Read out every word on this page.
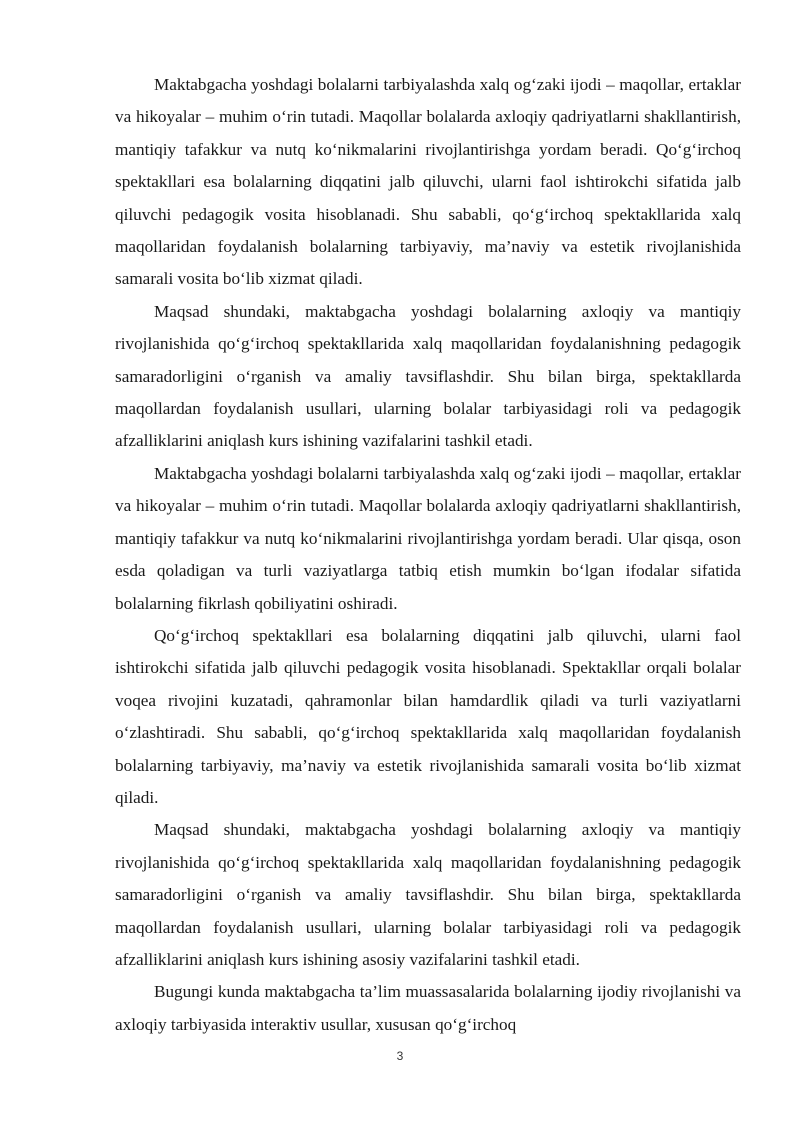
Maktabgacha yoshdagi bolalarni tarbiyalashda xalq og‘zaki ijodi – maqollar, ertaklar va hikoyalar – muhim o‘rin tutadi. Maqollar bolalarda axloqiy qadriyatlarni shakllantirish, mantiqiy tafakkur va nutq ko‘nikmalarini rivojlantirishga yordam beradi. Qo‘g‘irchoq spektakllari esa bolalarning diqqatini jalb qiluvchi, ularni faol ishtirokchi sifatida jalb qiluvchi pedagogik vosita hisoblanadi. Shu sababli, qo‘g‘irchoq spektakllarida xalq maqollaridan foydalanish bolalarning tarbiyaviy, ma’naviy va estetik rivojlanishida samarali vosita bo‘lib xizmat qiladi.

Maqsad shundaki, maktabgacha yoshdagi bolalarning axloqiy va mantiqiy rivojlanishida qo‘g‘irchoq spektakllarida xalq maqollaridan foydalanishning pedagogik samaradorligini o‘rganish va amaliy tavsiflashdir. Shu bilan birga, spektakllarda maqollardan foydalanish usullari, ularning bolalar tarbiyasidagi roli va pedagogik afzalliklarini aniqlash kurs ishining vazifalarini tashkil etadi.

Maktabgacha yoshdagi bolalarni tarbiyalashda xalq og‘zaki ijodi – maqollar, ertaklar va hikoyalar – muhim o‘rin tutadi. Maqollar bolalarda axloqiy qadriyatlarni shakllantirish, mantiqiy tafakkur va nutq ko‘nikmalarini rivojlantirishga yordam beradi. Ular qisqa, oson esda qoladigan va turli vaziyatlarga tatbiq etish mumkin bo‘lgan ifodalar sifatida bolalarning fikrlash qobiliyatini oshiradi.

Qo‘g‘irchoq spektakllari esa bolalarning diqqatini jalb qiluvchi, ularni faol ishtirokchi sifatida jalb qiluvchi pedagogik vosita hisoblanadi. Spektakllar orqali bolalar voqea rivojini kuzatadi, qahramonlar bilan hamdardlik qiladi va turli vaziyatlarni o‘zlashtiradi. Shu sababli, qo‘g‘irchoq spektakllarida xalq maqollaridan foydalanish bolalarning tarbiyaviy, ma’naviy va estetik rivojlanishida samarali vosita bo‘lib xizmat qiladi.

Maqsad shundaki, maktabgacha yoshdagi bolalarning axloqiy va mantiqiy rivojlanishida qo‘g‘irchoq spektakllarida xalq maqollaridan foydalanishning pedagogik samaradorligini o‘rganish va amaliy tavsiflashdir. Shu bilan birga, spektakllarda maqollardan foydalanish usullari, ularning bolalar tarbiyasidagi roli va pedagogik afzalliklarini aniqlash kurs ishining asosiy vazifalarini tashkil etadi.

Bugungi kunda maktabgacha ta’lim muassasalarida bolalarning ijodiy rivojlanishi va axloqiy tarbiyasida interaktiv usullar, xususan qo‘g‘irchoq

3
